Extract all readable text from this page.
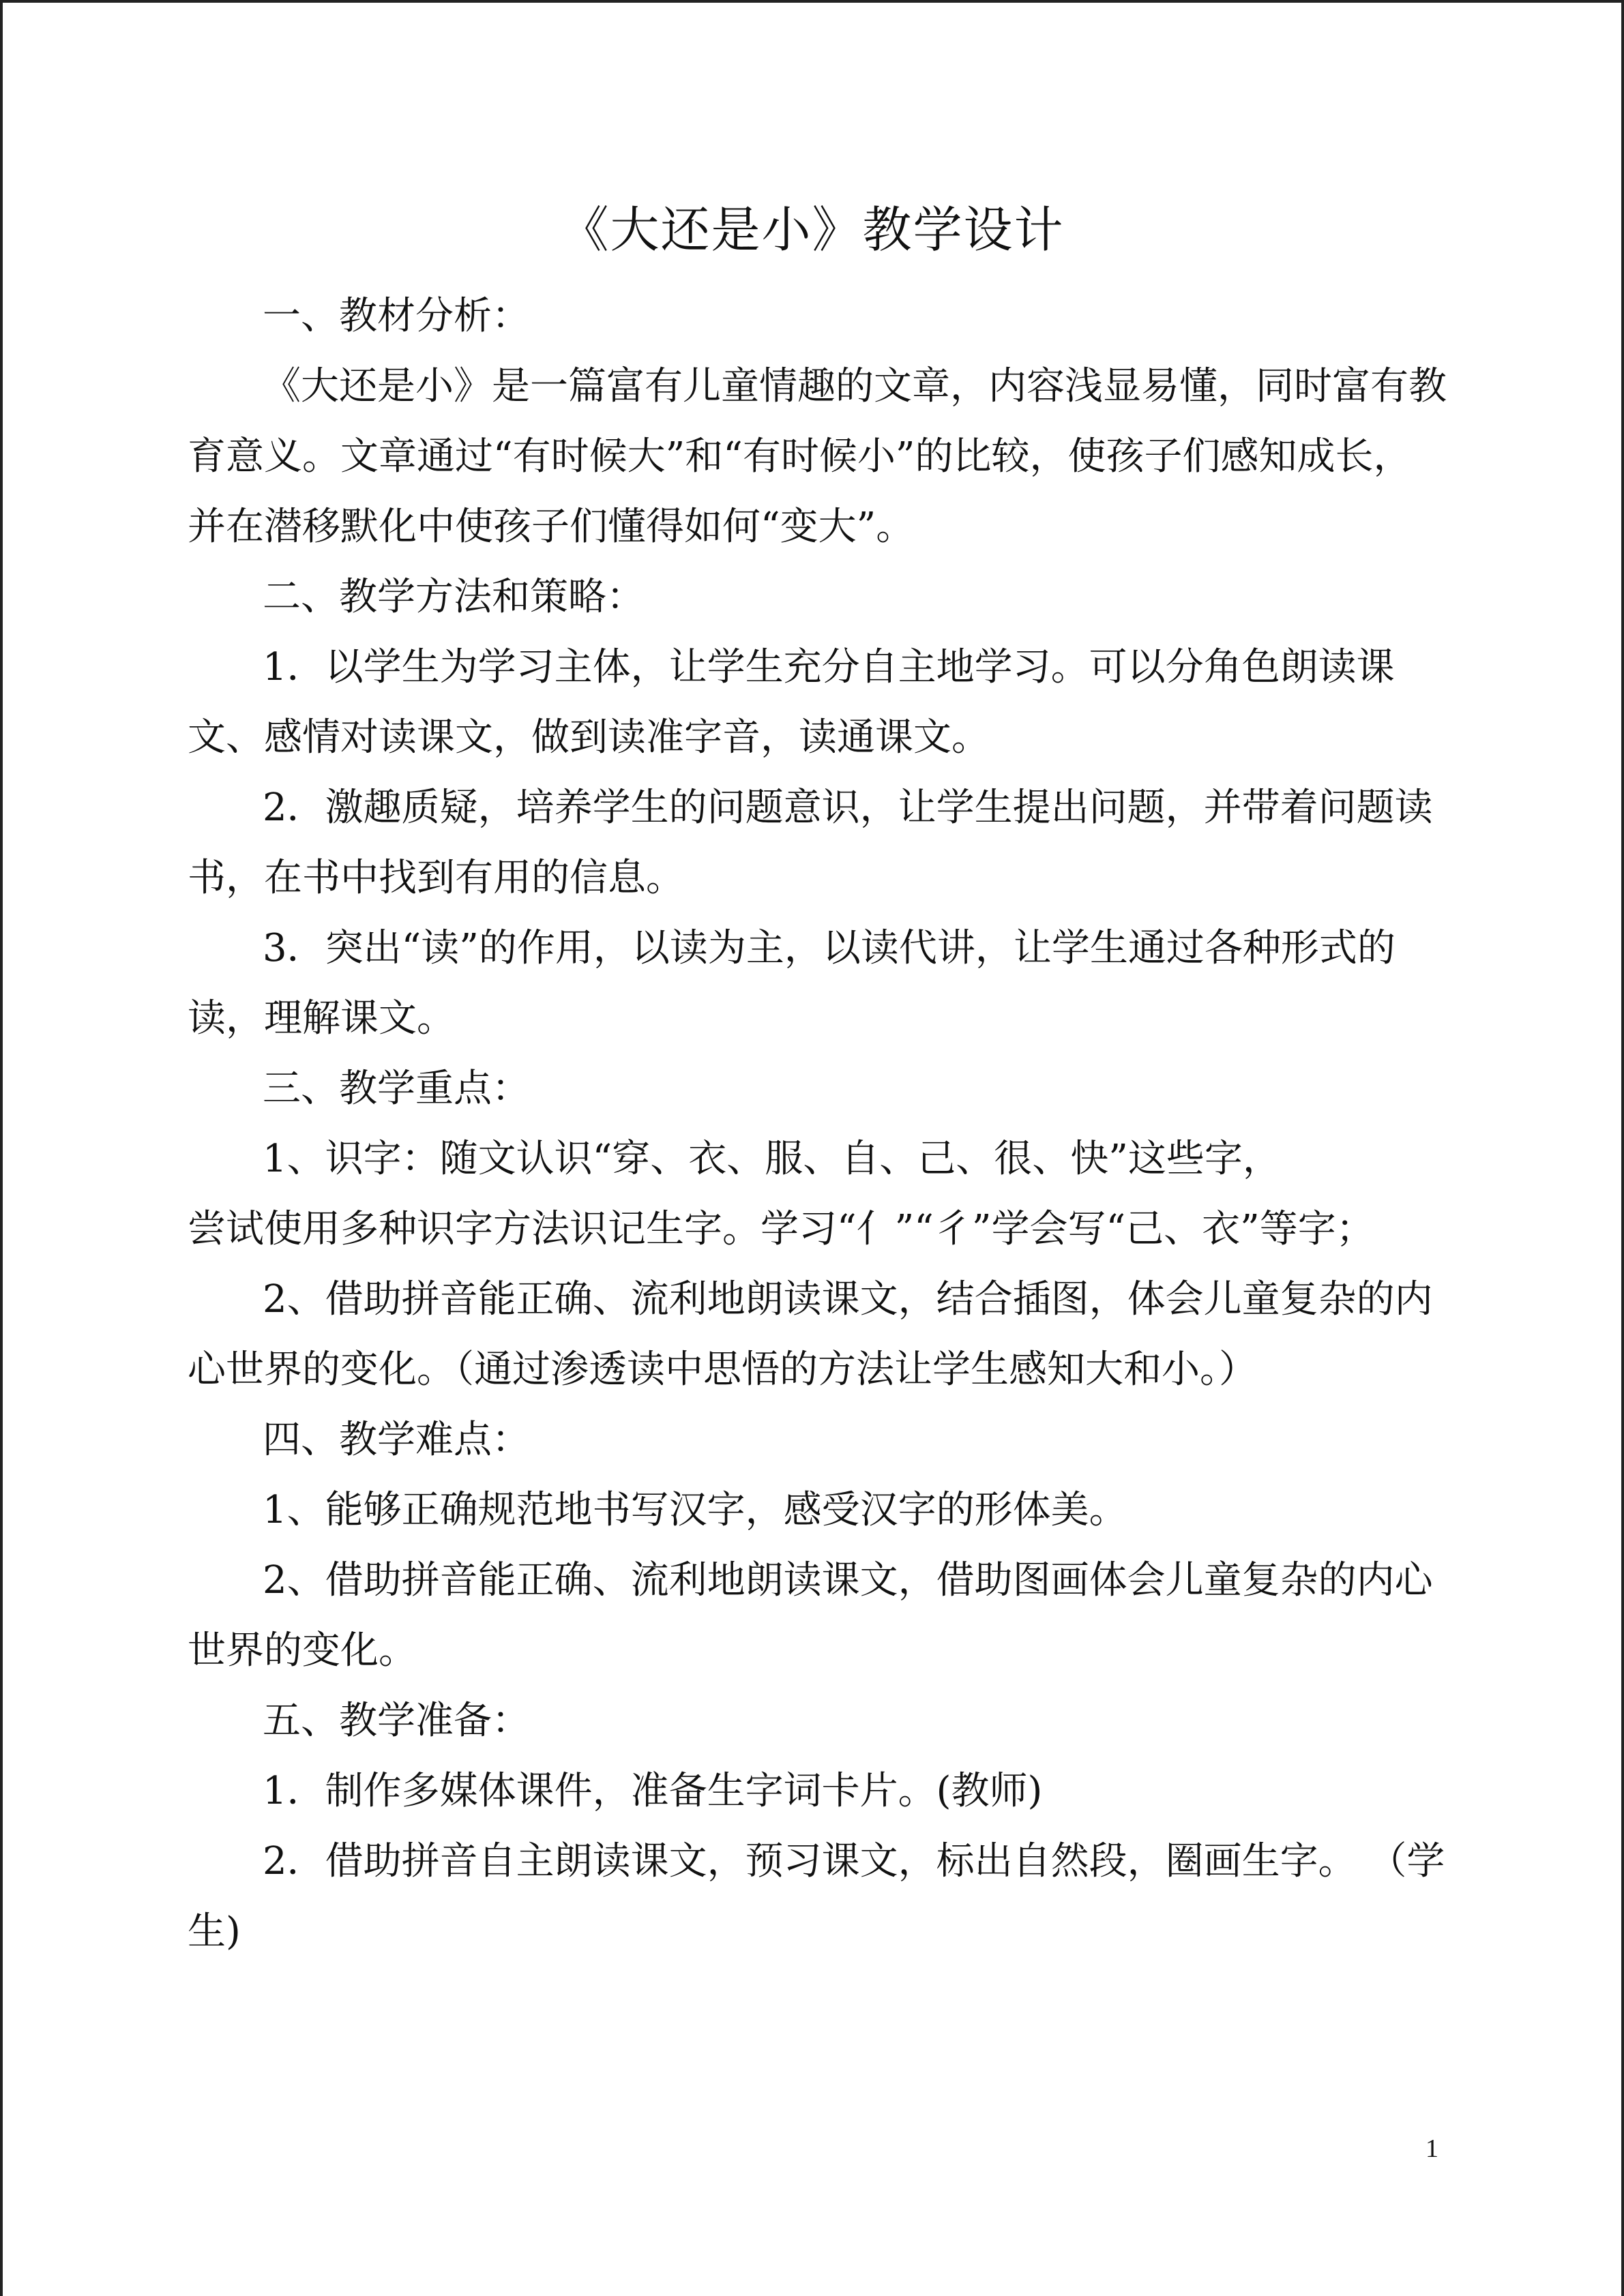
《大还是小》教学设计

一、教材分析：

《大还是小》是一篇富有儿童情趣的文章，内容浅显易懂，同时富有教育意义。文章通过“有时候大”和“有时候小”的比较，使孩子们感知成长，并在潜移默化中使孩子们懂得如何“变大”。

二、教学方法和策略：

1．以学生为学习主体，让学生充分自主地学习。可以分角色朗读课文、感情对读课文，做到读准字音，读通课文。

2．激趣质疑，培养学生的问题意识，让学生提出问题，并带着问题读书，在书中找到有用的信息。

3．突出“读”的作用，以读为主，以读代讲，让学生通过各种形式的读，理解课文。

三、教学重点：

1、识字：随文认识“穿、衣、服、自、己、很、快”这些字，

尝试使用多种识字方法识记生字。学习“亻”“彳”学会写“己、衣”等字；

2、借助拼音能正确、流利地朗读课文，结合插图，体会儿童复杂的内心世界的变化。（通过渗透读中思悟的方法让学生感知大和小。）

四、教学难点：

1、能够正确规范地书写汉字，感受汉字的形体美。

2、借助拼音能正确、流利地朗读课文，借助图画体会儿童复杂的内心世界的变化。

五、教学准备：

1．制作多媒体课件，准备生字词卡片。(教师)

2．借助拼音自主朗读课文，预习课文，标出自然段，圈画生字。 （学生)

1
